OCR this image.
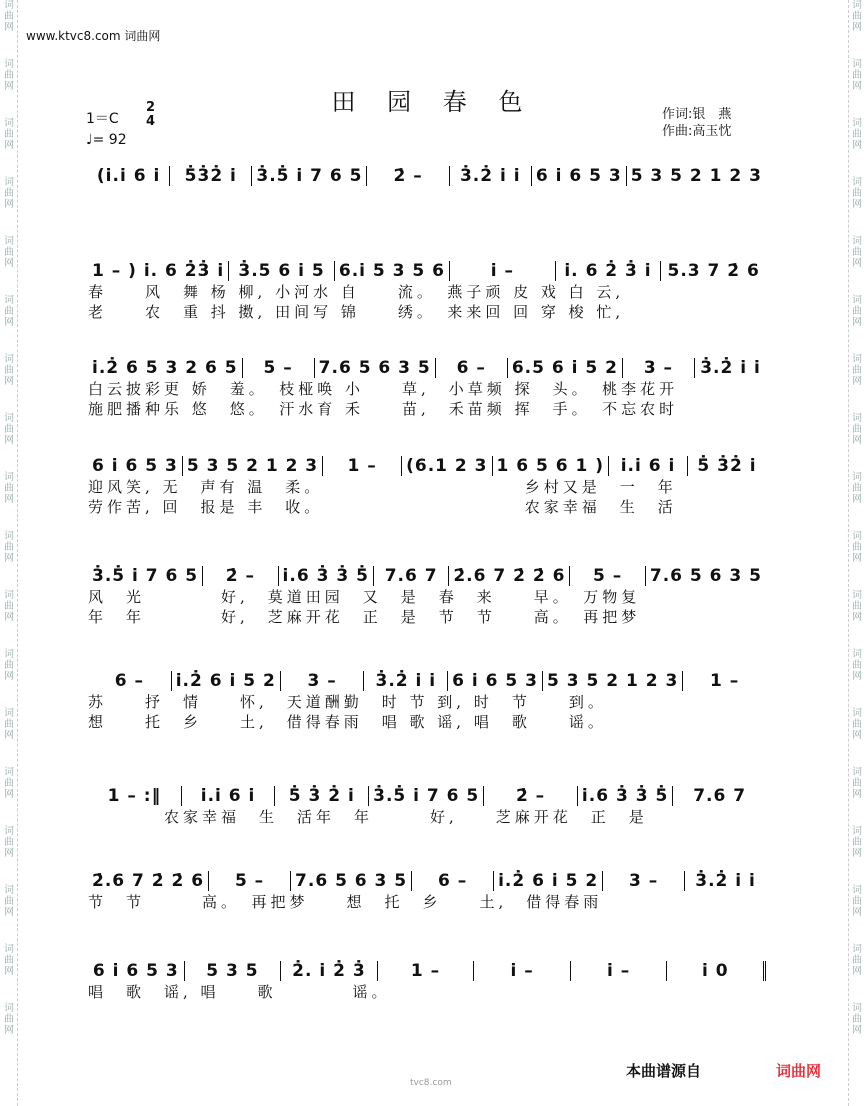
词
曲
网
词
曲
网
词
曲
网
词
曲
网
词
曲
网
词
曲
网
词
曲
网
词
曲
网
词
曲
网
词
曲
网
词
曲
网
词
曲
网
词
曲
网
词
曲
网
词
曲
网
词
曲
网
词
曲
网
词
曲
网
词
曲
网
词
曲
网
词
曲
网
词
曲
网
词
曲
网
词
曲
网
词
曲
网
词
曲
网
词
曲
网
词
曲
网
词
曲
网
词
曲
网
词
曲
网
词
曲
网
词
曲
网
词
曲
网
词
曲
网
词
曲
网
www.ktvc8.com 词曲网
田 园 春 色
1＝C
2
4
♩= 92
作词:银　燕
作曲:高玉忱
(i.i 6 i	5̇3̇2̇ i	3̇.5̇ i 7 6 5	2̇ –	3̇.2̇ i i 6 i 6 5 3 5 3 5 2 1 2 3
1 – ) i. 6 2̇3̇ i 3̇.5 6 i 5 6.i 5 3 5 6	i –	i. 6 2̇ 3̇ i 5.3 7 2̇ 6
春　　风　舞 杨 柳, 小河水 自　　流。　燕子顽 皮 戏 白 云,
老　　农　重 抖 擞, 田间写 锦　　绣。　来来回 回 穿 梭 忙,
i.2̇ 6 5 3 2 6 5	5 –	7.6 5 6 3 5	6 –	6.5 6 i 5 2	3 –	3̇.2̇ i i
白云披彩更 娇　羞。　枝桠唤 小　　草,　小草频 探　头。　桃李花开
施肥播种乐 悠　悠。　汗水育 禾　　苗,　禾苗频 挥　手。　不忘农时
6 i 6 5 3 5 3 5 2 1 2 3	1 –	(6.1 2 3 1 6 5 6 1 ) i.i 6 i	5̇ 3̇2̇ i
迎风笑, 无　声有 温　柔。　　　　　　　　　　　乡村又是　一　年
劳作苦, 回　报是 丰　收。　　　　　　　　　　　农家幸福　生　活
3̇.5̇ i 7 6 5	2̇ –	i.6 3̇ 3̇ 5̇ 7.6 7 2̇.6 7 2̇ 2̇ 6	5 –	7.6 5 6 3 5
风　光　　　　好,　莫道田园　又　是　春　来　　早。　万物复
年　年　　　　好,　芝麻开花　正　是　节　节　　高。　再把梦
6 –	i.2̇ 6 i 5 2	3 –	3̇.2̇ i i 6 i 6 5 3 5 3 5 2 1 2 3	1 –
苏　　抒　情　　怀,　天道酬勤　时 节 到, 时　节　　到。
想　　托　乡　　土,　借得春雨　唱 歌 谣, 唱　歌　　谣。
1 – :‖	i.i 6 i	5̇ 3̇ 2̇ i	3̇.5̇ i 7 6 5	2̇ –	i.6 3̇ 3̇ 5̇	7.6 7
　　　　农家幸福　生　活年　年　　　好,　　芝麻开花　正　是
2̇.6 7 2̇ 2̇ 6	5 –	7.6 5 6 3 5	6 –	i.2̇ 6 i 5 2	3 –	3̇.2̇ i i
节　节　　　高。　再把梦　　想　托　乡　　土,　借得春雨
6 i 6 5 3	5 3 5	2̇. i 2̇ 3̇	1 –	i –	i –	i 0
唱　歌　谣, 唱　　歌　　　　谣。
本曲谱源自	词曲网
tvc8.com
